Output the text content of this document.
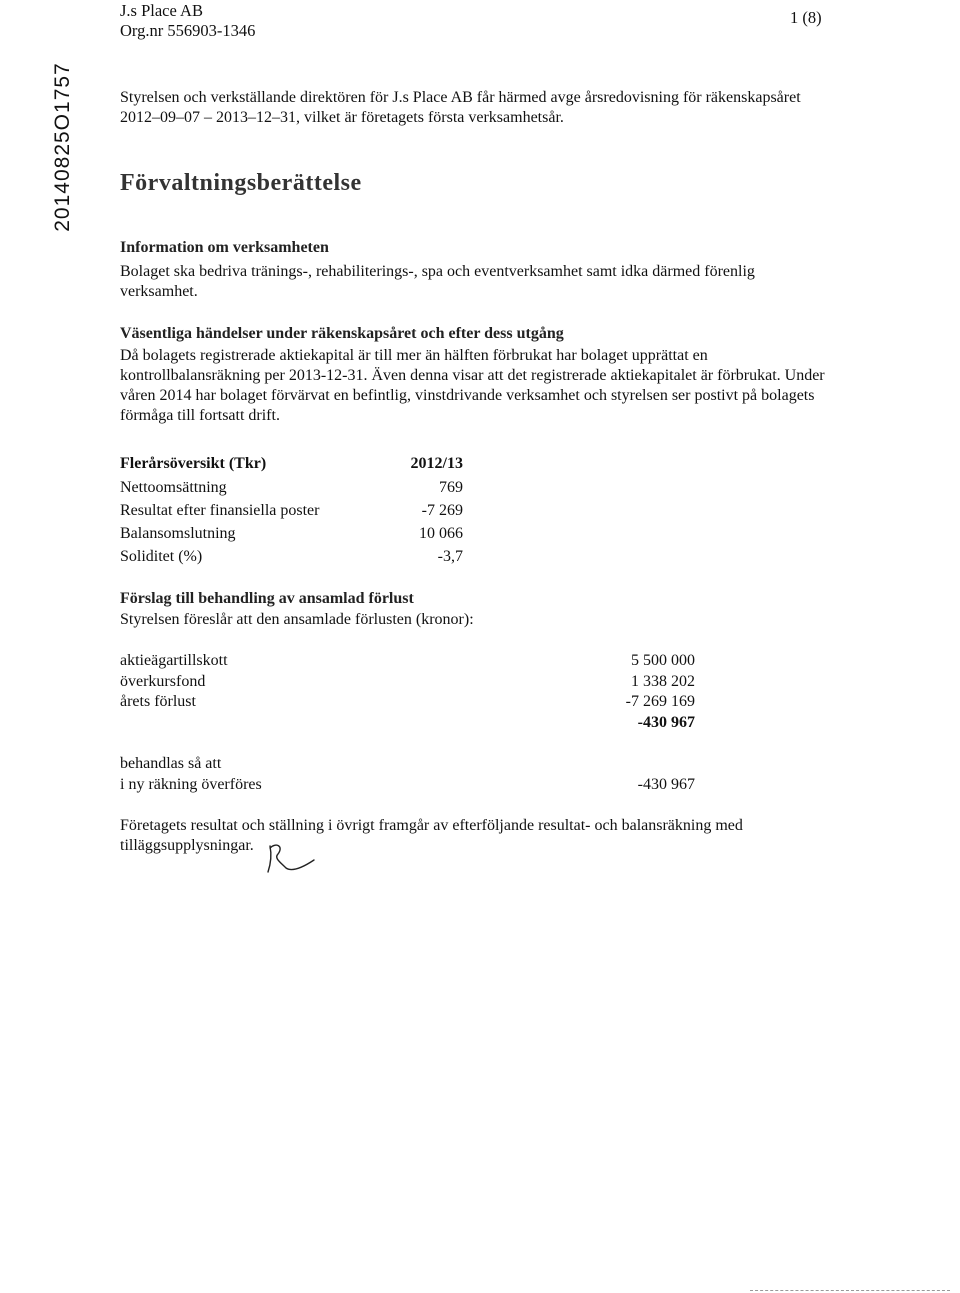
J.s Place AB
Org.nr 556903-1346
1 (8)
20140825O1757	Styrelsen och verkställande direktören för J.s Place AB får härmed avge årsredovisning för räkenskapsåret 2012–09–07 – 2013–12–31, vilket är företagets första verksamhetsår.
Förvaltningsberättelse
Information om verksamheten
Bolaget ska bedriva tränings-, rehabiliterings-, spa och eventverksamhet samt idka därmed förenlig verksamhet.
Väsentliga händelser under räkenskapsåret och efter dess utgång
Då bolagets registrerade aktiekapital är till mer än hälften förbrukat har bolaget upprättat en kontrollbalansräkning per 2013-12-31. Även denna visar att det registrerade aktiekapitalet är förbrukat. Under våren 2014 har bolaget förvärvat en befintlig, vinstdrivande verksamhet och styrelsen ser postivt på bolagets förmåga till fortsatt drift.
Flerårsöversikt (Tkr)	2012/13
Nettoomsättning	769
Resultat efter finansiella poster	-7 269
Balansomslutning	10 066
Soliditet (%)	-3,7
Förslag till behandling av ansamlad förlust
Styrelsen föreslår att den ansamlade förlusten (kronor):
aktieägartillskott	5 500 000
överkursfond	1 338 202
årets förlust	-7 269 169
-430 967
behandlas så att
i ny räkning överföres	-430 967
Företagets resultat och ställning i övrigt framgår av efterföljande resultat- och balansräkning med tilläggsupplysningar.
